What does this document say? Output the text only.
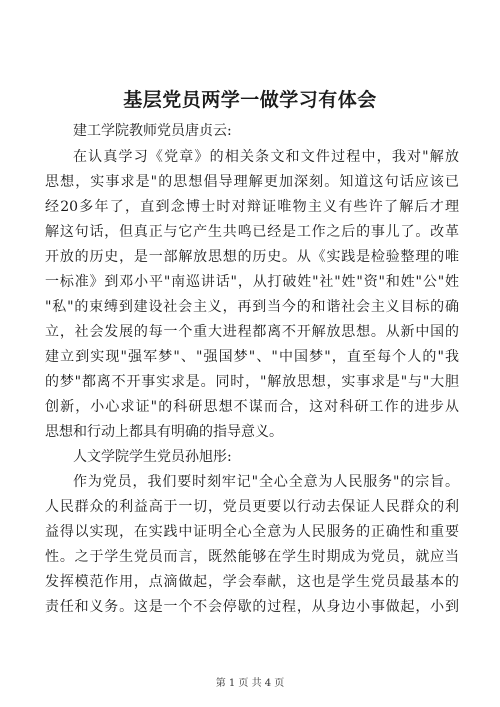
基层党员两学一做学习有体会
建工学院教师党员唐贞云:
在认真学习《党章》的相关条文和文件过程中，我对"解放
思想，实事求是"的思想倡导理解更加深刻。知道这句话应该已
经20多年了，直到念博士时对辩证唯物主义有些许了解后才理
解这句话，但真正与它产生共鸣已经是工作之后的事儿了。改革
开放的历史，是一部解放思想的历史。从《实践是检验整理的唯
一标准》到邓小平"南巡讲话"，从打破姓"社"姓"资"和姓"公"姓
"私"的束缚到建设社会主义，再到当今的和谐社会主义目标的确
立，社会发展的每一个重大进程都离不开解放思想。从新中国的
建立到实现"强军梦"、"强国梦"、"中国梦"，直至每个人的"我
的梦"都离不开事实求是。同时，"解放思想，实事求是"与"大胆
创新，小心求证"的科研思想不谋而合，这对科研工作的进步从
思想和行动上都具有明确的指导意义。
人文学院学生党员孙旭彤:
作为党员，我们要时刻牢记"全心全意为人民服务"的宗旨。
人民群众的利益高于一切，党员更要以行动去保证人民群众的利
益得以实现，在实践中证明全心全意为人民服务的正确性和重要
性。之于学生党员而言，既然能够在学生时期成为党员，就应当
发挥模范作用，点滴做起，学会奉献，这也是学生党员最基本的
责任和义务。这是一个不会停歇的过程，从身边小事做起，小到
第 1 页 共 4 页
